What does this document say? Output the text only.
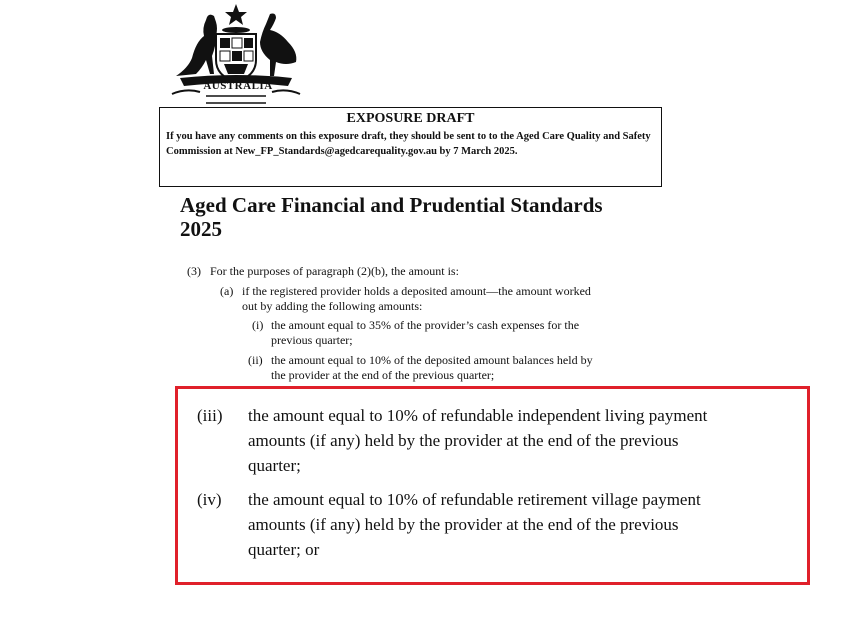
AUSTRALIA
EXPOSURE DRAFT
If you have any comments on this exposure draft, they should be sent to to the Aged Care Quality and Safety Commission at New_FP_Standards@agedcarequality.gov.au by 7 March 2025.
Aged Care Financial and Prudential Standards
2025
(3) For the purposes of paragraph (2)(b), the amount is:
(a) if the registered provider holds a deposited amount—the amount worked
out by adding the following amounts:
(i) the amount equal to 35% of the provider’s cash expenses for the
previous quarter;
(ii) the amount equal to 10% of the deposited amount balances held by
the provider at the end of the previous quarter;
(iii) the amount equal to 10% of refundable independent living payment
amounts (if any) held by the provider at the end of the previous
quarter;
(iv) the amount equal to 10% of refundable retirement village payment
amounts (if any) held by the provider at the end of the previous
quarter; or
